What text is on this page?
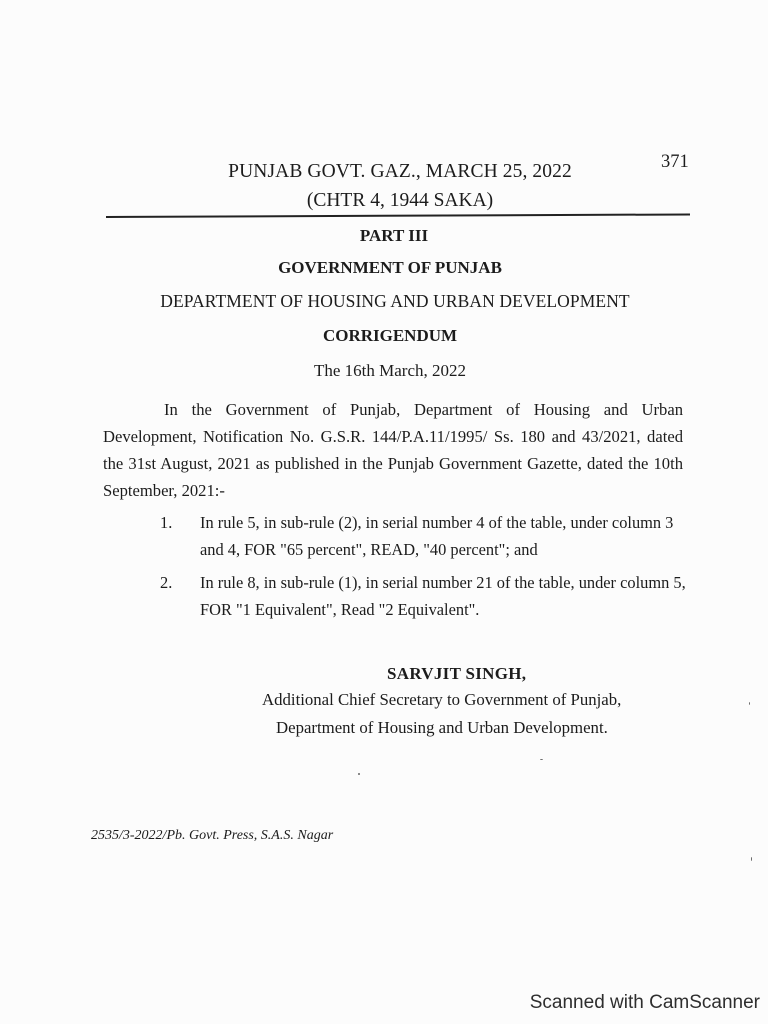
PUNJAB GOVT. GAZ., MARCH 25, 2022
(CHTR 4, 1944 SAKA)
371
PART III
GOVERNMENT OF PUNJAB
DEPARTMENT OF HOUSING AND URBAN DEVELOPMENT
CORRIGENDUM
The 16th March, 2022
In the Government of Punjab, Department of Housing and Urban Development, Notification No. G.S.R. 144/P.A.11/1995/ Ss. 180 and 43/2021, dated the 31st August, 2021 as published in the Punjab Government Gazette, dated the 10th September, 2021:-
1. In rule 5, in sub-rule (2), in serial number 4 of the table, under column 3 and 4, FOR "65 percent", READ, "40 percent"; and
2. In rule 8, in sub-rule (1), in serial number 21 of the table, under column 5, FOR "1 Equivalent", Read "2 Equivalent".
SARVJIT SINGH,
Additional Chief Secretary to Government of Punjab,
Department of Housing and Urban Development.
2535/3-2022/Pb. Govt. Press, S.A.S. Nagar
Scanned with CamScanner
